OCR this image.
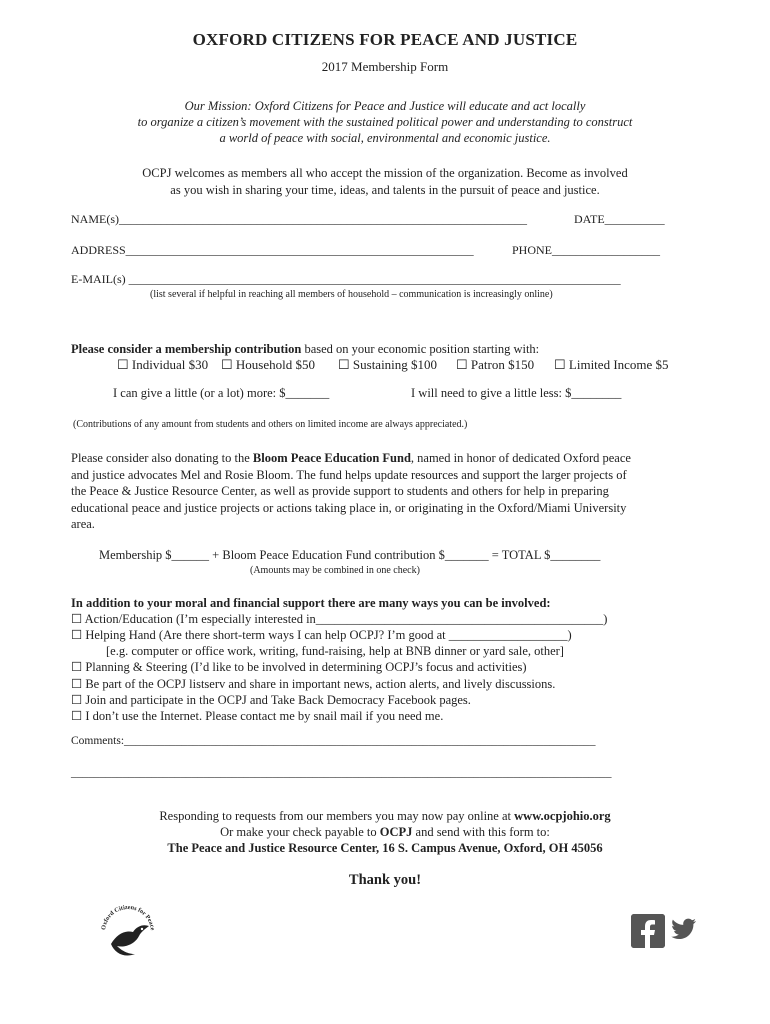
OXFORD CITIZENS FOR PEACE AND JUSTICE
2017 Membership Form
Our Mission: Oxford Citizens for Peace and Justice will educate and act locally
to organize a citizen’s movement with the sustained political power and understanding to construct
a world of peace with social, environmental and economic justice.
OCPJ welcomes as members all who accept the mission of the organization. Become as involved
as you wish in sharing your time, ideas, and talents in the pursuit of peace and justice.
NAME(s)____________________________________________________________________	DATE__________
ADDRESS__________________________________________________________	PHONE__________________
E-MAIL(s) __________________________________________________________________________________
(list several if helpful in reaching all members of household – communication is increasingly online)
Please consider a membership contribution based on your economic position starting with:
☐ Individual $30 ☐ Household $50 ☐ Sustaining $100 ☐ Patron $150 ☐ Limited Income $5
I can give a little (or a lot) more: $_______	I will need to give a little less: $________
(Contributions of any amount from students and others on limited income are always appreciated.)
Please consider also donating to the Bloom Peace Education Fund, named in honor of dedicated Oxford peace
and justice advocates Mel and Rosie Bloom. The fund helps update resources and support the larger projects of
the Peace & Justice Resource Center, as well as provide support to students and others for help in preparing
educational peace and justice projects or actions taking place in, or originating in the Oxford/Miami University
area.
Membership $______ + Bloom Peace Education Fund contribution $_______ = TOTAL $________
(Amounts may be combined in one check)
In addition to your moral and financial support there are many ways you can be involved:
☐ Action/Education (I’m especially interested in______________________________________________)
☐ Helping Hand (Are there short-term ways I can help OCPJ? I’m good at ___________________)
[e.g. computer or office work, writing, fund-raising, help at BNB dinner or yard sale, other]
☐ Planning & Steering (I’d like to be involved in determining OCPJ’s focus and activities)
☐ Be part of the OCPJ listserv and share in important news, action alerts, and lively discussions.
☐ Join and participate in the OCPJ and Take Back Democracy Facebook pages.
☐ I don’t use the Internet. Please contact me by snail mail if you need me.
Comments:__________________________________________________________________________________
______________________________________________________________________________________________
Responding to requests from our members you may now pay online at www.ocpjohio.org
Or make your check payable to OCPJ and send with this form to:
The Peace and Justice Resource Center, 16 S. Campus Avenue, Oxford, OH 45056
Thank you!
Oxford Citizens for Peace
